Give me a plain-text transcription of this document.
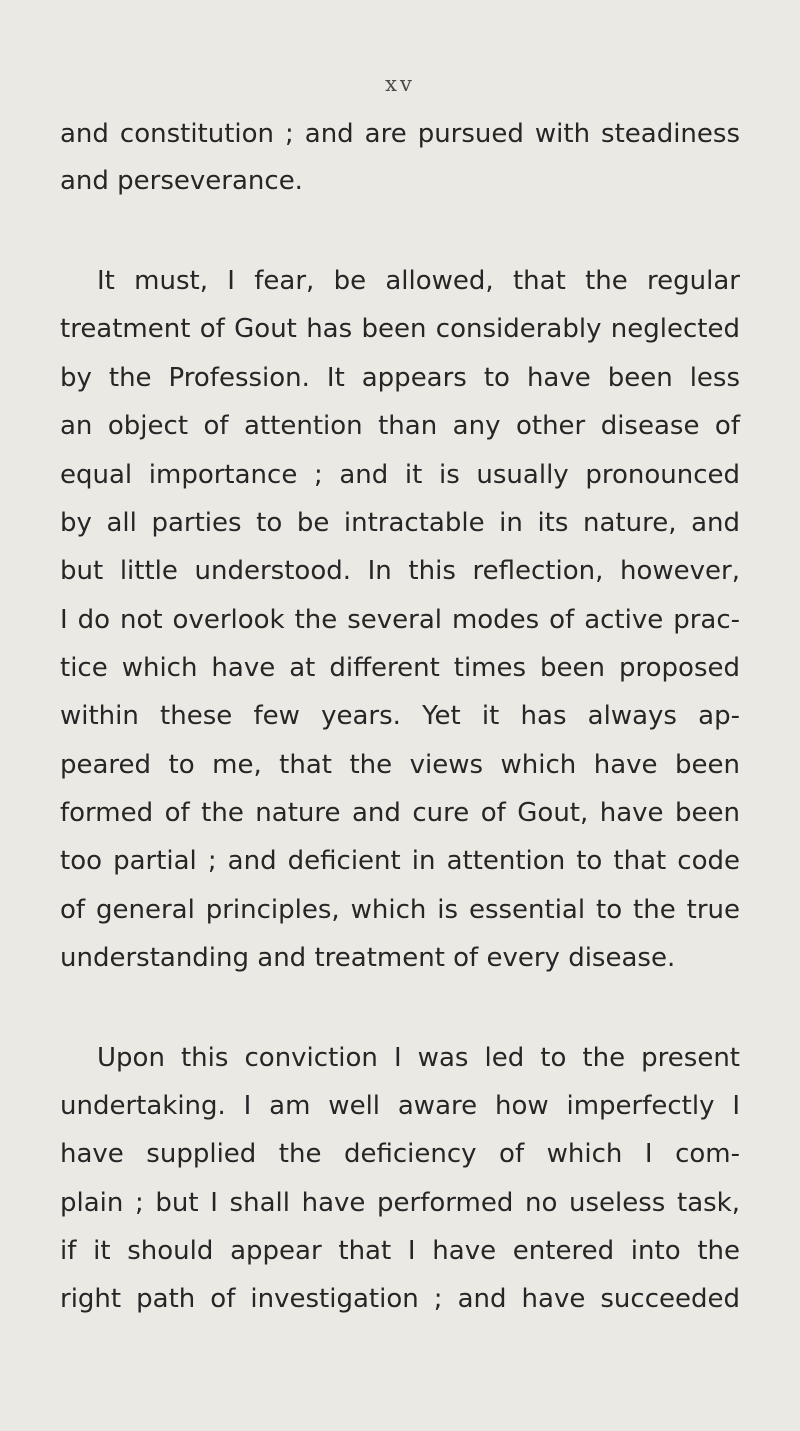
xv
and constitution ; and are pursued with steadiness
and perseverance.
It must, I fear, be allowed, that the regular
treatment of Gout has been considerably neglected
by the Profession. It appears to have been less
an object of attention than any other disease of
equal importance ; and it is usually pronounced
by all parties to be intractable in its nature, and
but little understood. In this reflection, however,
I do not overlook the several modes of active prac-
tice which have at different times been proposed
within these few years. Yet it has always ap-
peared to me, that the views which have been
formed of the nature and cure of Gout, have been
too partial ; and deficient in attention to that code
of general principles, which is essential to the true
understanding and treatment of every disease.
Upon this conviction I was led to the present
undertaking. I am well aware how imperfectly I
have supplied the deficiency of which I com-
plain ; but I shall have performed no useless task,
if it should appear that I have entered into the
right path of investigation ; and have succeeded
